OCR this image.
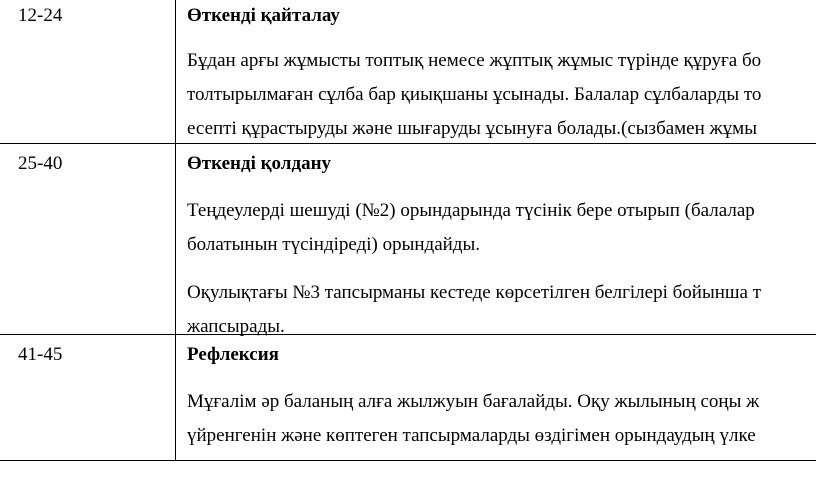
12-24	Өткенді қайталау
Бұдан арғы жұмысты топтық немесе жұптық жұмыс түрінде құруға бо
толтырылмаған сұлба бар қиықшаны ұсынады. Балалар сұлбаларды то
есепті құрастыруды және шығаруды ұсынуға болады.(сызбамен жұмы
25-40	Өткенді қолдану
Теңдеулерді шешуді (№2) орындарында түсінік бере отырып (балалар
болатынын түсіндіреді) орындайды.
Оқулықтағы №3 тапсырманы кестеде көрсетілген белгілері бойынша т
жапсырады.
41-45	Рефлексия
Мұғалім әр баланың алға жылжуын бағалайды. Оқу жылының соңы ж
үйренгенін және көптеген тапсырмаларды өздігімен орындаудың үлке
